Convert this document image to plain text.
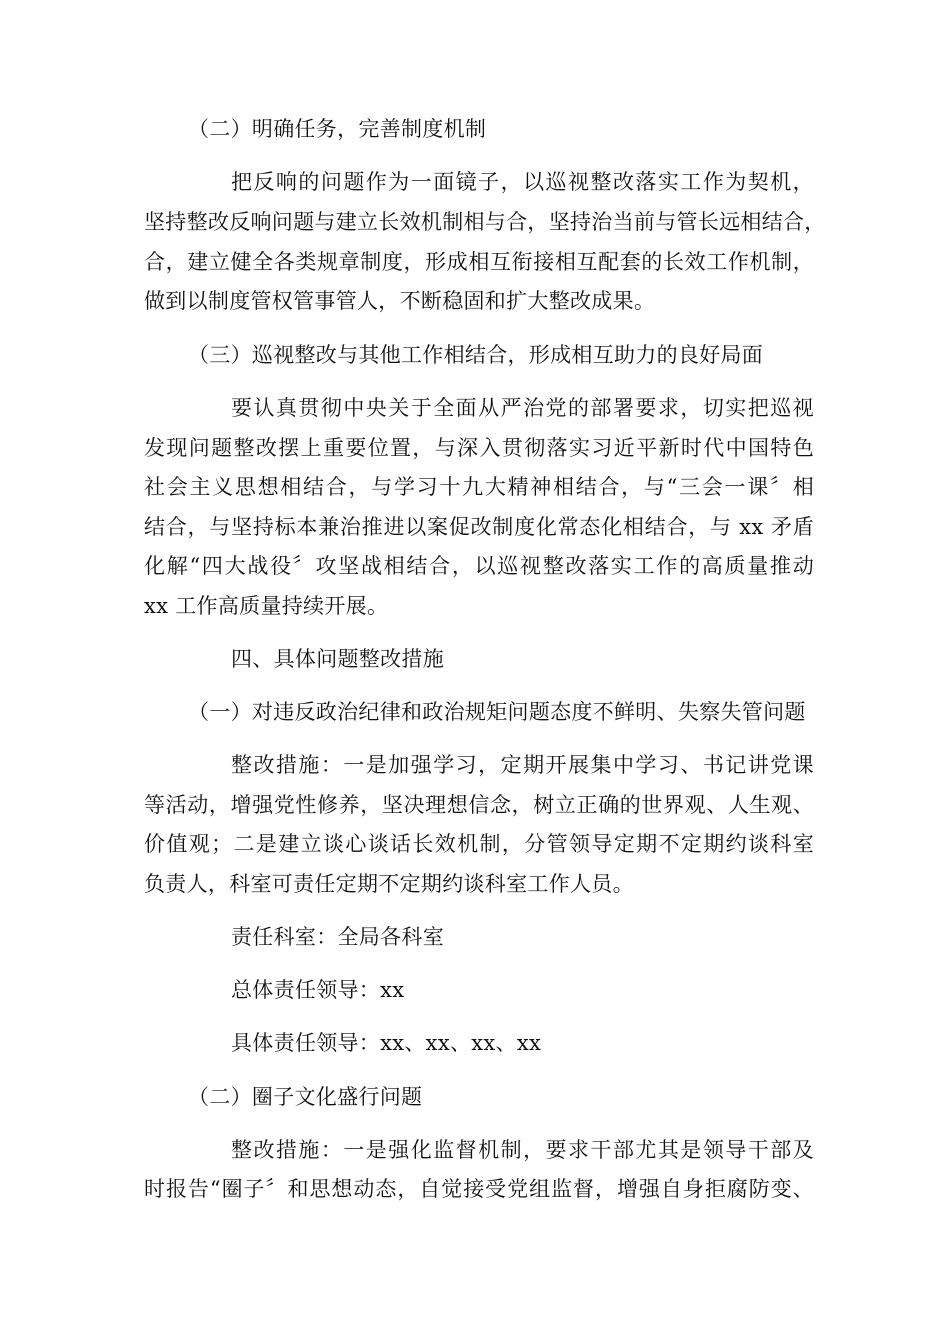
（二）明确任务，完善制度机制
把反响的问题作为一面镜子，以巡视整改落实工作为契机，
坚持整改反响问题与建立长效机制相与合，坚持治当前与管长远相结合，
合，建立健全各类规章制度，形成相互衔接相互配套的长效工作机制，
做到以制度管权管事管人，不断稳固和扩大整改成果。
（三）巡视整改与其他工作相结合，形成相互助力的良好局面
要认真贯彻中央关于全面从严治党的部署要求，切实把巡视
发现问题整改摆上重要位置，与深入贯彻落实习近平新时代中国特色
社会主义思想相结合，与学习十九大精神相结合，与“三会一课〞相
结合，与坚持标本兼治推进以案促改制度化常态化相结合，与 xx 矛盾
化解“四大战役〞攻坚战相结合，以巡视整改落实工作的高质量推动
xx 工作高质量持续开展。
四、具体问题整改措施
（一）对违反政治纪律和政治规矩问题态度不鲜明、失察失管问题
整改措施：一是加强学习，定期开展集中学习、书记讲党课
等活动，增强党性修养，坚决理想信念，树立正确的世界观、人生观、
价值观；二是建立谈心谈话长效机制，分管领导定期不定期约谈科室
负责人，科室可责任定期不定期约谈科室工作人员。
责任科室：全局各科室
总体责任领导：xx
具体责任领导：xx、xx、xx、xx
（二）圈子文化盛行问题
整改措施：一是强化监督机制，要求干部尤其是领导干部及
时报告“圈子〞和思想动态，自觉接受党组监督，增强自身拒腐防变、
